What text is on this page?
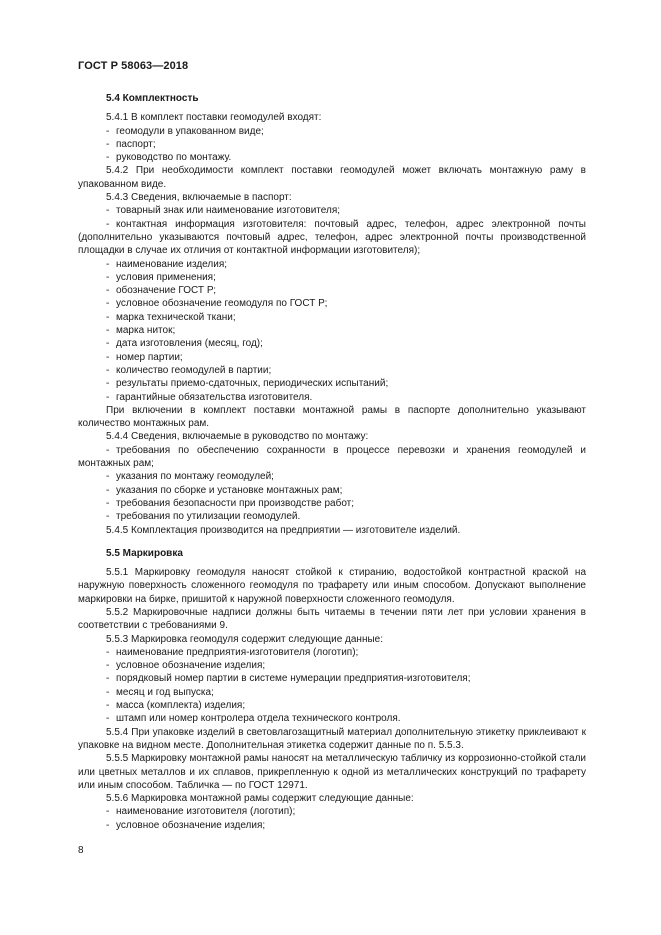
ГОСТ Р 58063—2018
5.4 Комплектность
5.4.1 В комплект поставки геомодулей входят:
- геомодули в упакованном виде;
- паспорт;
- руководство по монтажу.
5.4.2 При необходимости комплект поставки геомодулей может включать монтажную раму в упакованном виде.
5.4.3 Сведения, включаемые в паспорт:
- товарный знак или наименование изготовителя;
- контактная информация изготовителя: почтовый адрес, телефон, адрес электронной почты (дополнительно указываются почтовый адрес, телефон, адрес электронной почты производственной площадки в случае их отличия от контактной информации изготовителя);
- наименование изделия;
- условия применения;
- обозначение ГОСТ Р;
- условное обозначение геомодуля по ГОСТ Р;
- марка технической ткани;
- марка ниток;
- дата изготовления (месяц, год);
- номер партии;
- количество геомодулей в партии;
- результаты приемо-сдаточных, периодических испытаний;
- гарантийные обязательства изготовителя.
При включении в комплект поставки монтажной рамы в паспорте дополнительно указывают количество монтажных рам.
5.4.4 Сведения, включаемые в руководство по монтажу:
- требования по обеспечению сохранности в процессе перевозки и хранения геомодулей и монтажных рам;
- указания по монтажу геомодулей;
- указания по сборке и установке монтажных рам;
- требования безопасности при производстве работ;
- требования по утилизации геомодулей.
5.4.5 Комплектация производится на предприятии — изготовителе изделий.
5.5 Маркировка
5.5.1 Маркировку геомодуля наносят стойкой к стиранию, водостойкой контрастной краской на наружную поверхность сложенного геомодуля по трафарету или иным способом. Допускают выполнение маркировки на бирке, пришитой к наружной поверхности сложенного геомодуля.
5.5.2 Маркировочные надписи должны быть читаемы в течении пяти лет при условии хранения в соответствии с требованиями 9.
5.5.3 Маркировка геомодуля содержит следующие данные:
- наименование предприятия-изготовителя (логотип);
- условное обозначение изделия;
- порядковый номер партии в системе нумерации предприятия-изготовителя;
- месяц и год выпуска;
- масса (комплекта) изделия;
- штамп или номер контролера отдела технического контроля.
5.5.4 При упаковке изделий в световлагозащитный материал дополнительную этикетку приклеивают к упаковке на видном месте. Дополнительная этикетка содержит данные по п. 5.5.3.
5.5.5 Маркировку монтажной рамы наносят на металлическую табличку из коррозионно-стойкой стали или цветных металлов и их сплавов, прикрепленную к одной из металлических конструкций по трафарету или иным способом. Табличка — по ГОСТ 12971.
5.5.6 Маркировка монтажной рамы содержит следующие данные:
- наименование изготовителя (логотип);
- условное обозначение изделия;
8
